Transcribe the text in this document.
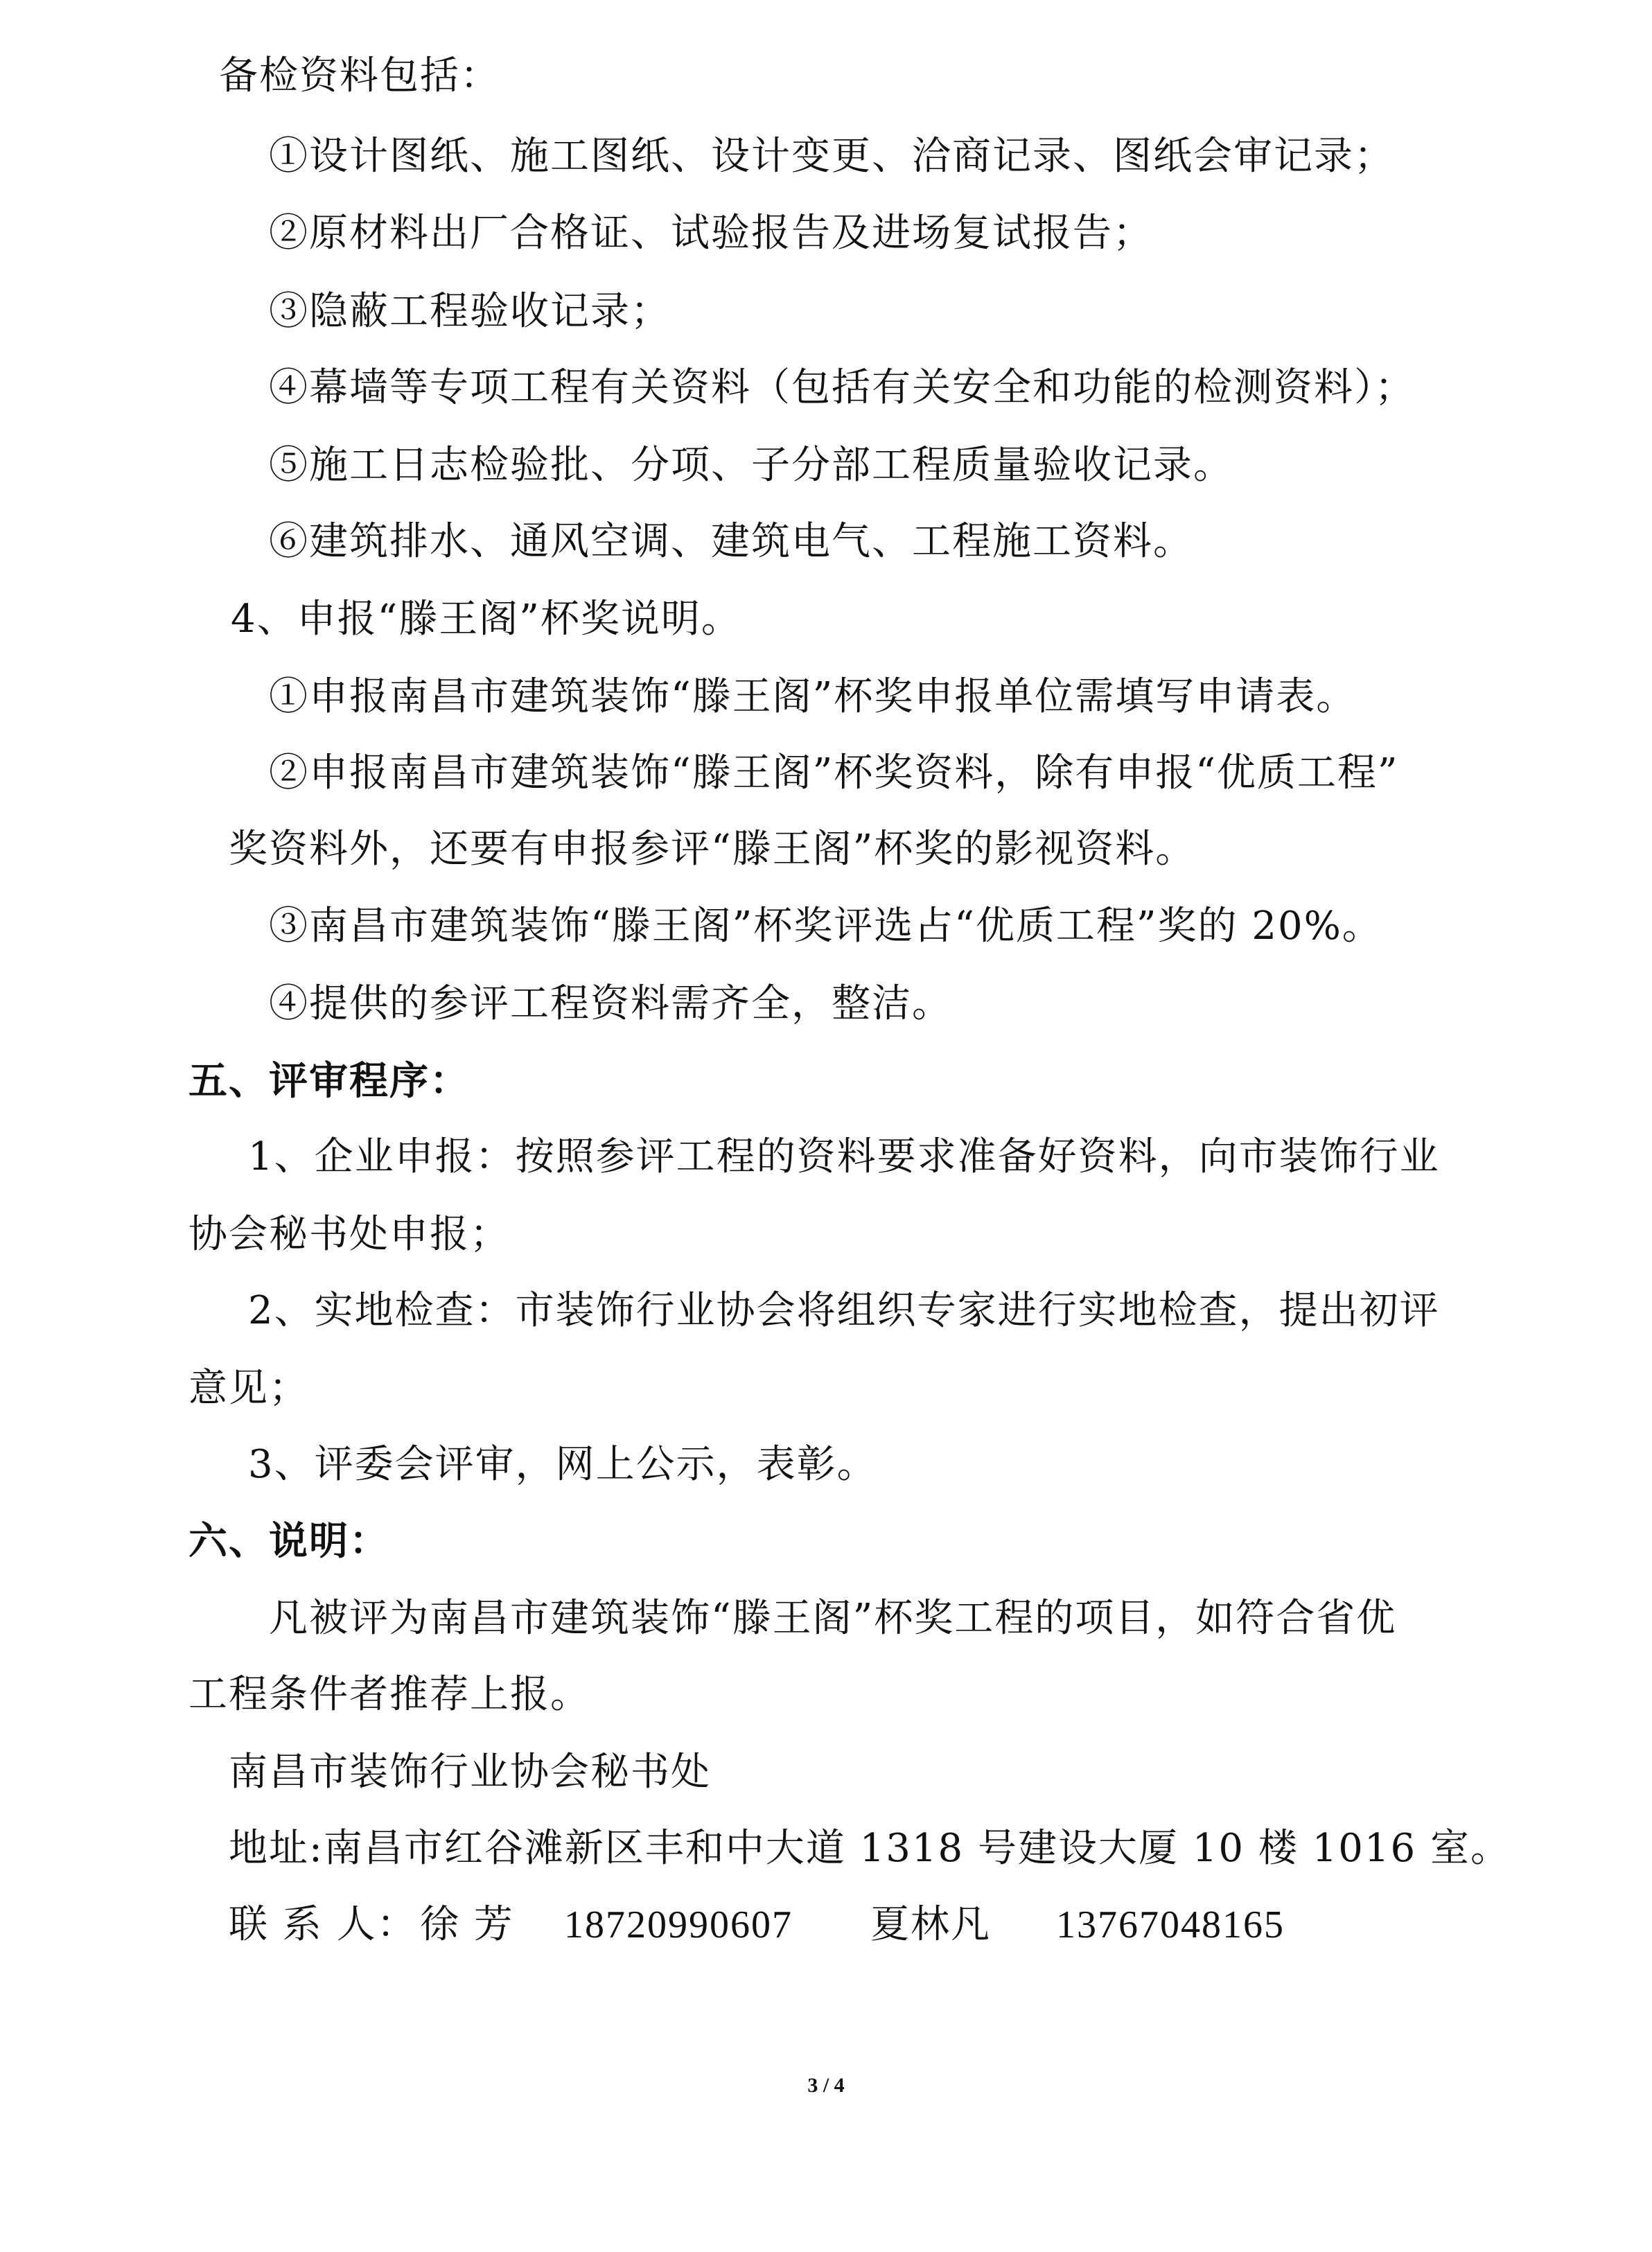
备检资料包括：
①设计图纸、施工图纸、设计变更、洽商记录、图纸会审记录；
②原材料出厂合格证、试验报告及进场复试报告；
③隐蔽工程验收记录；
④幕墙等专项工程有关资料（包括有关安全和功能的检测资料）；
⑤施工日志检验批、分项、子分部工程质量验收记录。
⑥建筑排水、通风空调、建筑电气、工程施工资料。
4、申报“滕王阁”杯奖说明。
①申报南昌市建筑装饰“滕王阁”杯奖申报单位需填写申请表。
②申报南昌市建筑装饰“滕王阁”杯奖资料，除有申报“优质工程”
奖资料外，还要有申报参评“滕王阁”杯奖的影视资料。
③南昌市建筑装饰“滕王阁”杯奖评选占“优质工程”奖的 20%。
④提供的参评工程资料需齐全，整洁。
五、评审程序：
1、企业申报：按照参评工程的资料要求准备好资料，向市装饰行业
协会秘书处申报；
2、实地检查：市装饰行业协会将组织专家进行实地检查，提出初评
意见；
3、评委会评审，网上公示，表彰。
六、说明：
凡被评为南昌市建筑装饰“滕王阁”杯奖工程的项目，如符合省优
工程条件者推荐上报。
南昌市装饰行业协会秘书处
地址:南昌市红谷滩新区丰和中大道 1318 号建设大厦 10 楼 1016 室。
联 系 人： 徐 芳	18720990607	夏林凡	13767048165
3 / 4
